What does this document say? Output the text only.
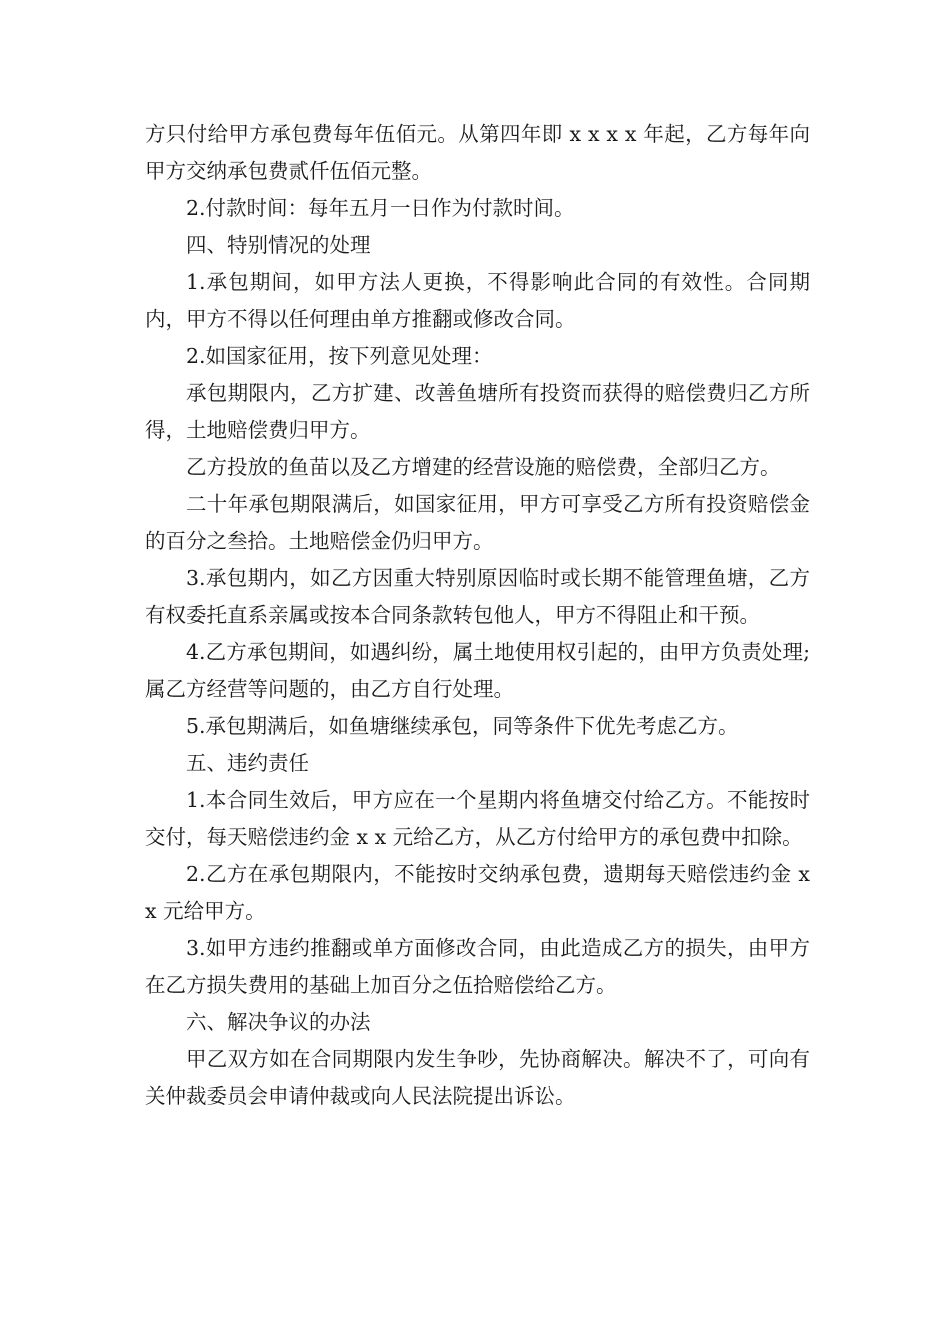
方只付给甲方承包费每年伍佰元。从第四年即 x x x x 年起，乙方每年向甲方交纳承包费贰仟伍佰元整。

2.付款时间：每年五月一日作为付款时间。

四、特别情况的处理

1.承包期间，如甲方法人更换，不得影响此合同的有效性。合同期内，甲方不得以任何理由单方推翻或修改合同。

2.如国家征用，按下列意见处理：

承包期限内，乙方扩建、改善鱼塘所有投资而获得的赔偿费归乙方所得，土地赔偿费归甲方。

乙方投放的鱼苗以及乙方增建的经营设施的赔偿费，全部归乙方。

二十年承包期限满后，如国家征用，甲方可享受乙方所有投资赔偿金的百分之叁拾。土地赔偿金仍归甲方。

3.承包期内，如乙方因重大特别原因临时或长期不能管理鱼塘，乙方有权委托直系亲属或按本合同条款转包他人，甲方不得阻止和干预。

4.乙方承包期间，如遇纠纷，属土地使用权引起的，由甲方负责处理;属乙方经营等问题的，由乙方自行处理。

5.承包期满后，如鱼塘继续承包，同等条件下优先考虑乙方。

五、违约责任

1.本合同生效后，甲方应在一个星期内将鱼塘交付给乙方。不能按时交付，每天赔偿违约金 x x 元给乙方，从乙方付给甲方的承包费中扣除。

2.乙方在承包期限内，不能按时交纳承包费，遗期每天赔偿违约金 x x 元给甲方。

3.如甲方违约推翻或单方面修改合同，由此造成乙方的损失，由甲方在乙方损失费用的基础上加百分之伍拾赔偿给乙方。

六、解决争议的办法

甲乙双方如在合同期限内发生争吵，先协商解决。解决不了，可向有关仲裁委员会申请仲裁或向人民法院提出诉讼。
